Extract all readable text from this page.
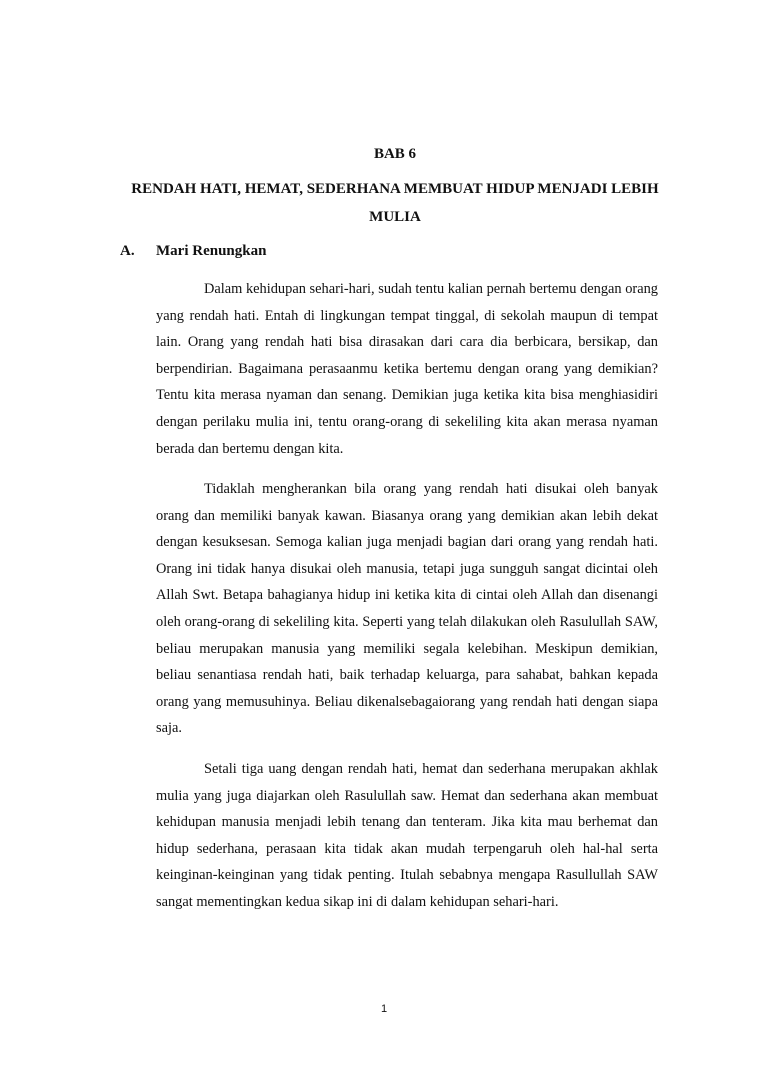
BAB 6
RENDAH HATI, HEMAT, SEDERHANA MEMBUAT HIDUP MENJADI LEBIH MULIA
A. Mari Renungkan

Dalam kehidupan sehari-hari, sudah tentu kalian pernah bertemu dengan orang yang rendah hati. Entah di lingkungan tempat tinggal, di sekolah maupun di tempat lain. Orang yang rendah hati bisa dirasakan dari cara dia berbicara, bersikap, dan berpendirian. Bagaimana perasaanmu ketika bertemu dengan orang yang demikian? Tentu kita merasa nyaman dan senang. Demikian juga ketika kita bisa menghiasidiri dengan perilaku mulia ini, tentu orang-orang di sekeliling kita akan merasa nyaman berada dan bertemu dengan kita.

Tidaklah mengherankan bila orang yang rendah hati disukai oleh banyak orang dan memiliki banyak kawan. Biasanya orang yang demikian akan lebih dekat dengan kesuksesan. Semoga kalian juga menjadi bagian dari orang yang rendah hati. Orang ini tidak hanya disukai oleh manusia, tetapi juga sungguh sangat dicintai oleh Allah Swt. Betapa bahagianya hidup ini ketika kita di cintai oleh Allah dan disenangi oleh orang-orang di sekeliling kita. Seperti yang telah dilakukan oleh Rasulullah SAW, beliau merupakan manusia yang memiliki segala kelebihan. Meskipun demikian, beliau senantiasa rendah hati, baik terhadap keluarga, para sahabat, bahkan kepada orang yang memusuhinya. Beliau dikenalsebagaiorang yang rendah hati dengan siapa saja.

Setali tiga uang dengan rendah hati, hemat dan sederhana merupakan akhlak mulia yang juga diajarkan oleh Rasulullah saw. Hemat dan sederhana akan membuat kehidupan manusia menjadi lebih tenang dan tenteram. Jika kita mau berhemat dan hidup sederhana, perasaan kita tidak akan mudah terpengaruh oleh hal-hal serta keinginan-keinginan yang tidak penting. Itulah sebabnya mengapa Rasullullah SAW sangat mementingkan kedua sikap ini di dalam kehidupan sehari-hari.

1
